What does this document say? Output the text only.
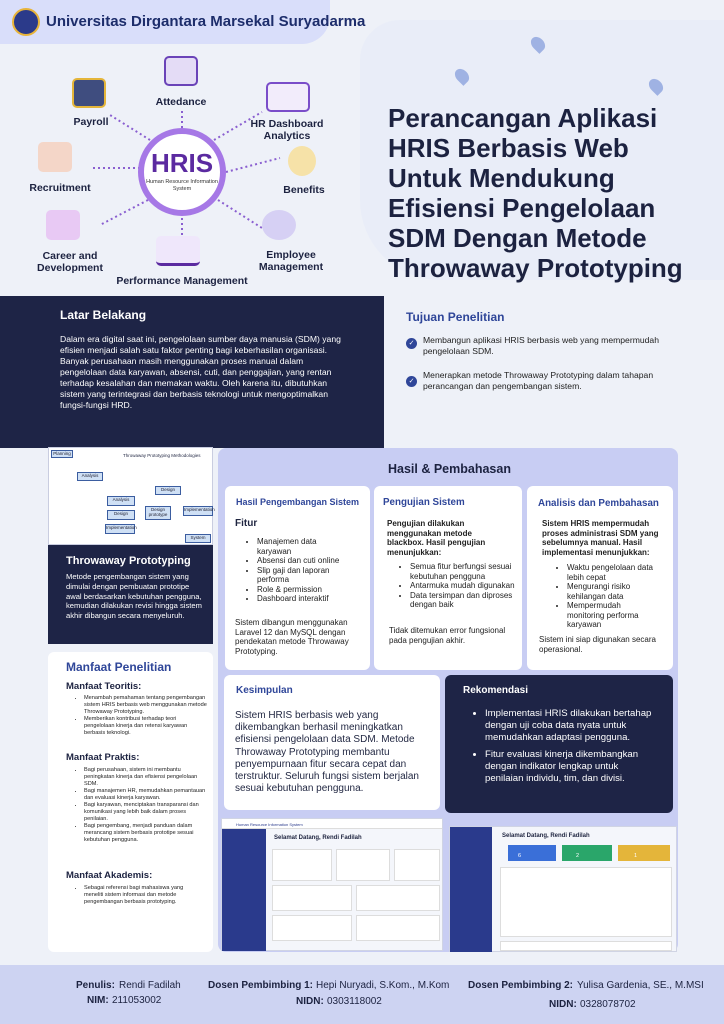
Universitas Dirgantara Marsekal Suryadarma
Perancangan Aplikasi HRIS Berbasis Web Untuk Mendukung Efisiensi Pengelolaan SDM Dengan Metode Throwaway Prototyping
HRIS
Human Resource Information System
Attedance
Payroll	HR Dashboard Analytics
Recruitment	Benefits
Career and Development
Employee Management
Performance Management
Latar Belakang
Dalam era digital saat ini, pengelolaan sumber daya manusia (SDM) yang efisien menjadi salah satu faktor penting bagi keberhasilan organisasi. Banyak perusahaan masih menggunakan proses manual dalam pengelolaan data karyawan, absensi, cuti, dan penggajian, yang rentan terhadap kesalahan dan memakan waktu. Oleh karena itu, dibutuhkan sistem yang terintegrasi dan berbasis teknologi untuk mengoptimalkan fungsi-fungsi HRD.
Tujuan Penelitian
✓ Membangun aplikasi HRIS berbasis web yang mempermudah pengelolaan SDM.
✓
Menerapkan metode Throwaway Prototyping dalam tahapan perancangan dan pengembangan sistem.
Throwaway Prototyping Methodologies
Planning
Analysis
Design
Analysis
Design
Design prototype
Implementation
Implementation
System
Throwaway Prototyping
Metode pengembangan sistem yang dimulai dengan pembuatan prototipe awal berdasarkan kebutuhan pengguna, kemudian dilakukan revisi hingga sistem akhir dibangun secara menyeluruh.
Manfaat Penelitian
Manfaat Teoritis:
• Menambah pemahaman tentang pengembangan sistem HRIS berbasis web menggunakan metode Throwaway Prototyping.
• Memberikan kontribusi terhadap teori pengelolaan kinerja dan retensi karyawan berbasis teknologi.
Manfaat Praktis:
• Bagi perusahaan, sistem ini membantu peningkatan kinerja dan efisiensi pengelolaan SDM.
• Bagi manajemen HR, memudahkan pemantauan dan evaluasi kinerja karyawan.
• Bagi karyawan, menciptakan transparansi dan komunikasi yang lebih baik dalam proses penilaian.
• Bagi pengembang, menjadi panduan dalam merancang sistem berbasis prototipe sesuai kebutuhan pengguna.
Manfaat Akademis:
• Sebagai referensi bagi mahasiswa yang meneliti sistem informasi dan metode pengembangan berbasis prototyping.
Hasil & Pembahasan
Hasil Pengembangan Sistem
Fitur
• Manajemen data karyawan
• Absensi dan cuti online
• Slip gaji dan laporan performa
• Role & permission
• Dashboard interaktif
Sistem dibangun menggunakan Laravel 12 dan MySQL dengan pendekatan metode Throwaway Prototyping.
Pengujian Sistem
Pengujian dilakukan menggunakan metode blackbox. Hasil pengujian menunjukkan:
• Semua fitur berfungsi sesuai kebutuhan pengguna
• Antarmuka mudah digunakan
• Data tersimpan dan diproses dengan baik
Tidak ditemukan error fungsional pada pengujian akhir.
Analisis dan Pembahasan
Sistem HRIS mempermudah proses administrasi SDM yang sebelumnya manual. Hasil implementasi menunjukkan:
• Waktu pengelolaan data lebih cepat
• Mengurangi risiko kehilangan data
• Mempermudah monitoring performa karyawan
Sistem ini siap digunakan secara operasional.
Kesimpulan
Sistem HRIS berbasis web yang dikembangkan berhasil meningkatkan efisiensi pengelolaan data SDM. Metode Throwaway Prototyping membantu penyempurnaan fitur secara cepat dan terstruktur. Seluruh fungsi sistem berjalan sesuai kebutuhan pengguna.
Rekomendasi
• Implementasi HRIS dilakukan bertahap dengan uji coba data nyata untuk memudahkan adaptasi pengguna.
• Fitur evaluasi kinerja dikembangkan dengan indikator lengkap untuk penilaian individu, tim, dan divisi.
Human Resource Information System
Selamat Datang, Rendi Fadilah	Selamat Datang, Rendi Fadilah
6	2	1
Penulis: Rendi Fadilah
NIM: 211053002
Dosen Pembimbing 1: Hepi Nuryadi, S.Kom., M.Kom
NIDN: 0303118002
Dosen Pembimbing 2: Yulisa Gardenia, SE., M.MSI
NIDN: 0328078702
